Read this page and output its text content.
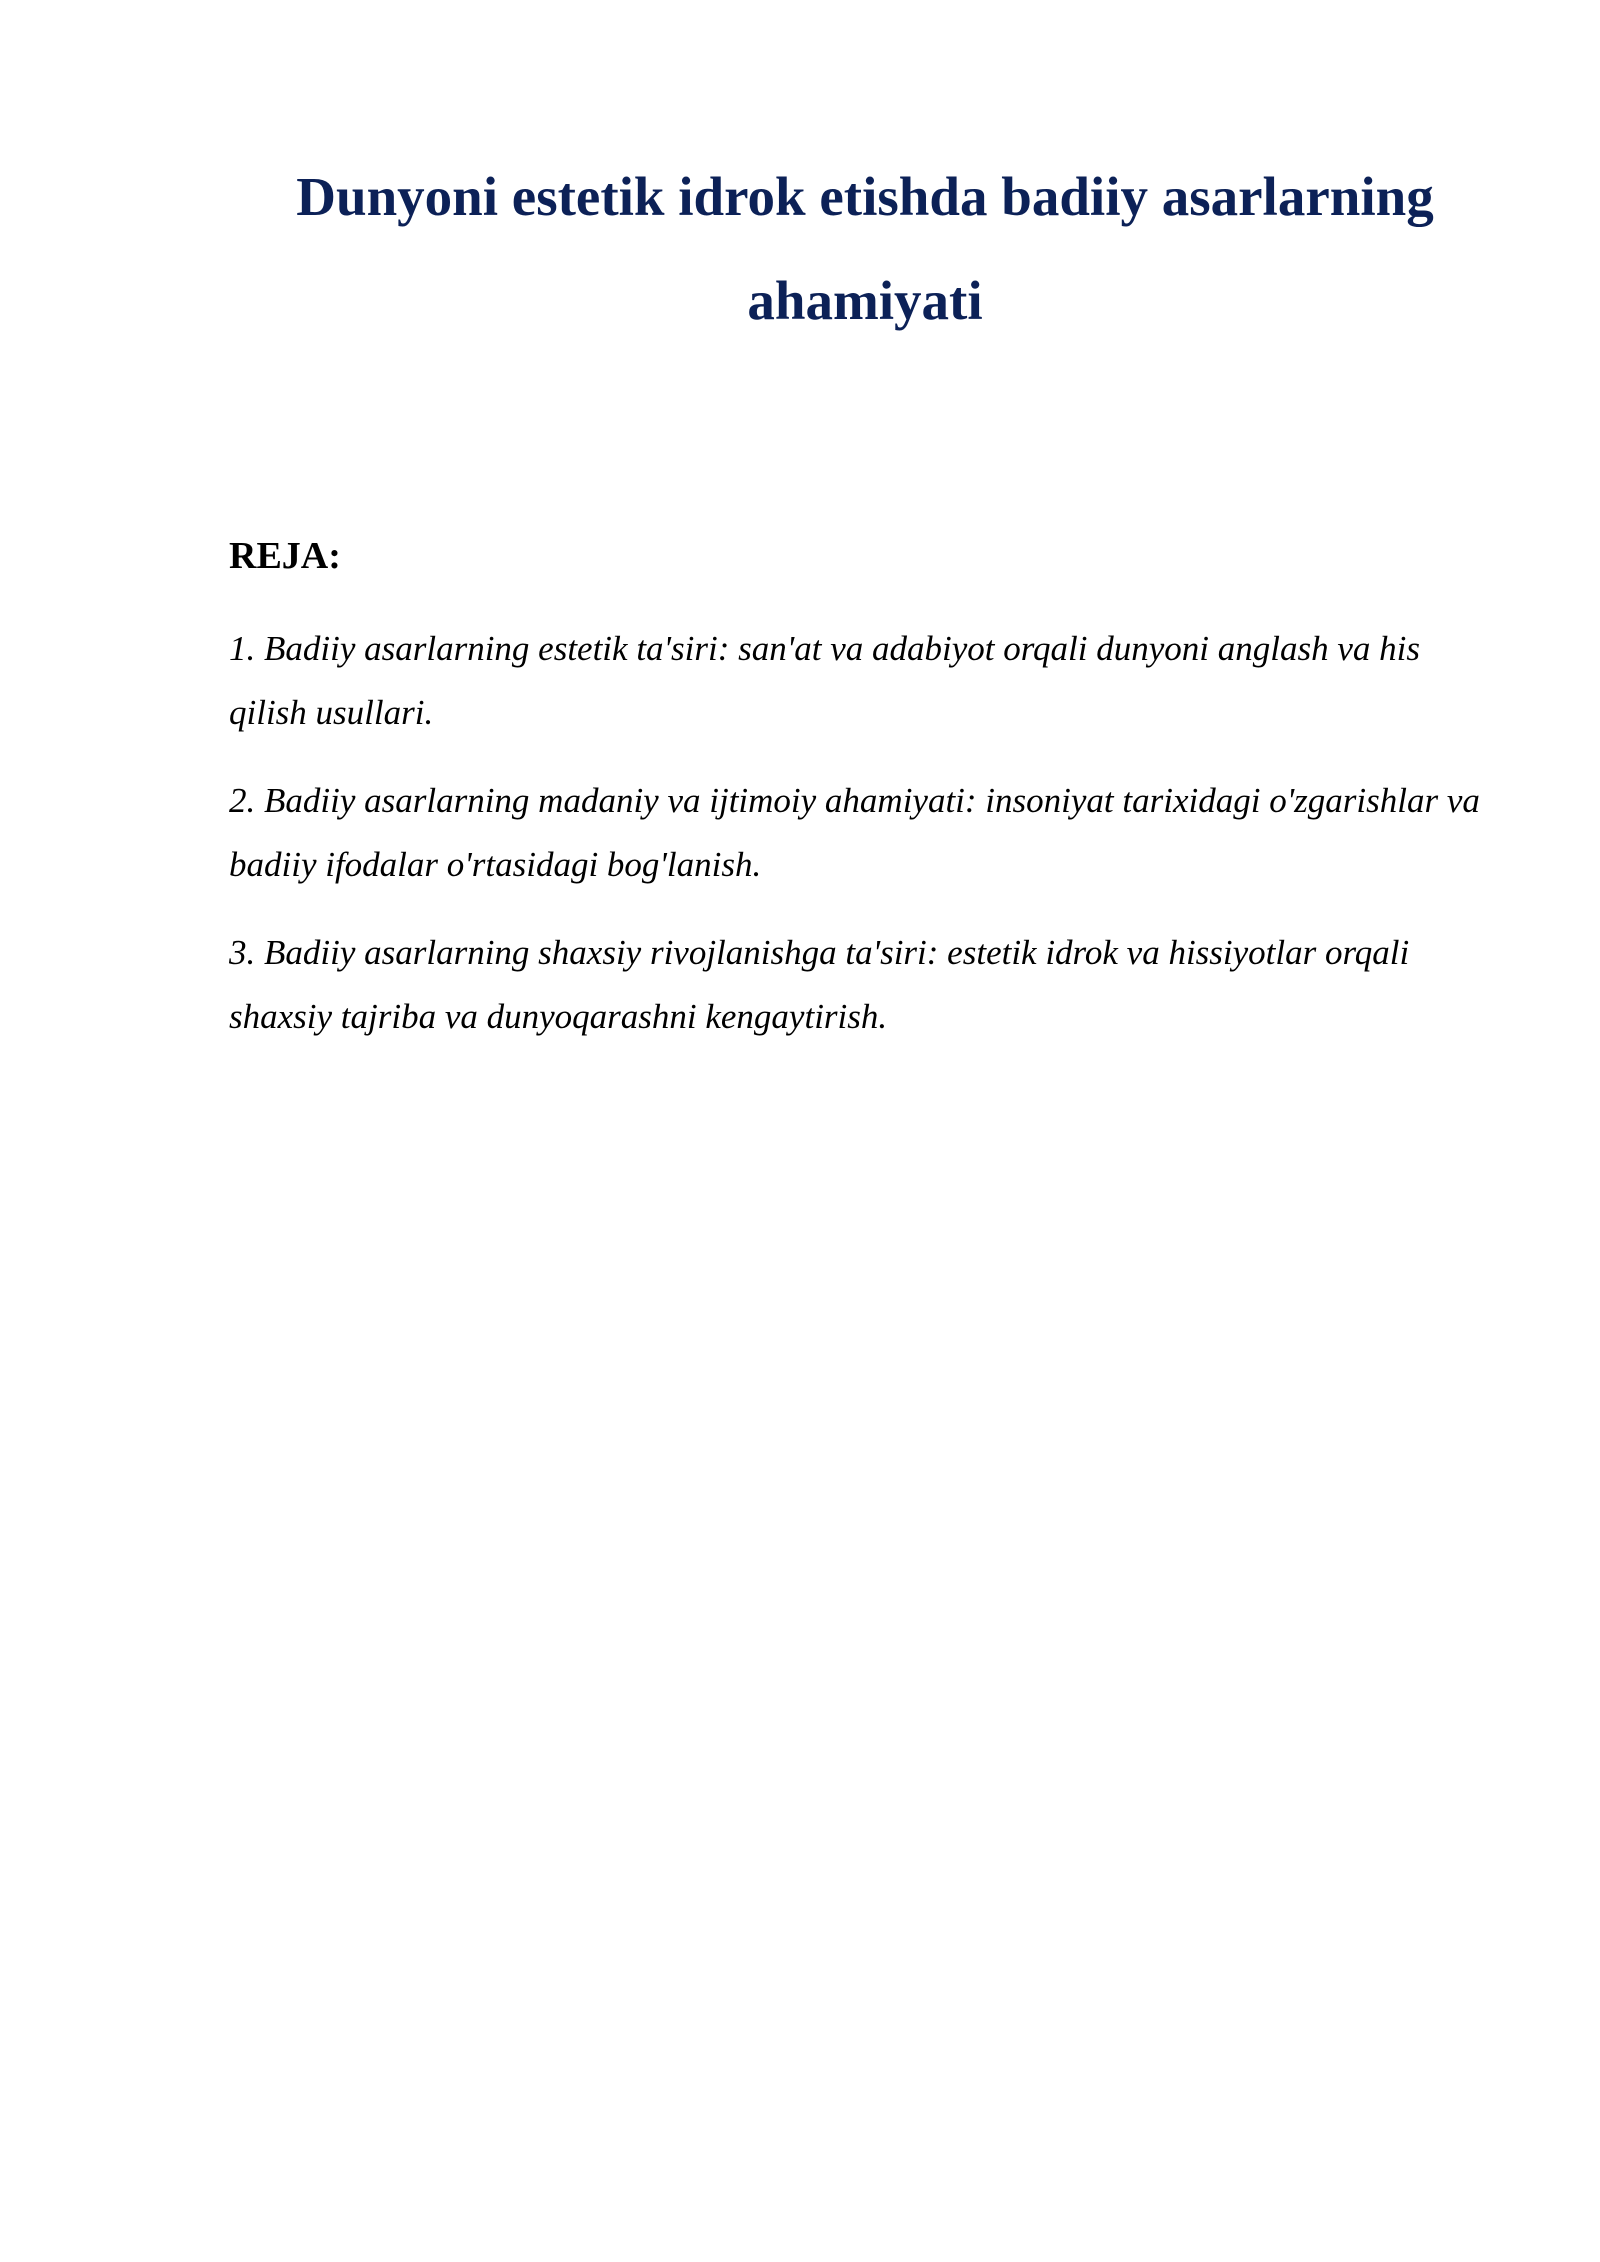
Dunyoni estetik idrok etishda badiiy asarlarning ahamiyati
REJA:
1. Badiiy asarlarning estetik ta'siri: san'at va adabiyot orqali dunyoni anglash va his qilish usullari.
2. Badiiy asarlarning madaniy va ijtimoiy ahamiyati: insoniyat tarixidagi o'zgarishlar va badiiy ifodalar o'rtasidagi bog'lanish.
3. Badiiy asarlarning shaxsiy rivojlanishga ta'siri: estetik idrok va hissiyotlar orqali shaxsiy tajriba va dunyoqarashni kengaytirish.
